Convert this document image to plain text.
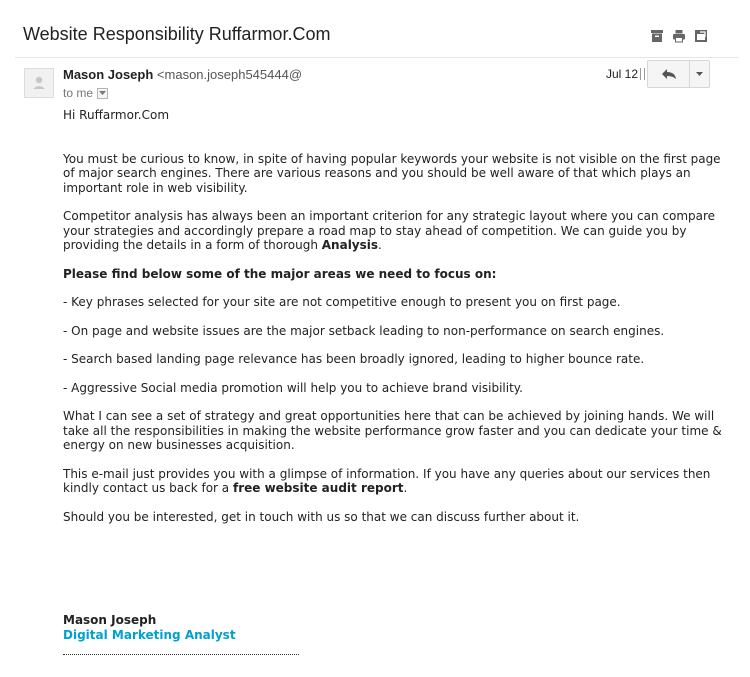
Website Responsibility Ruffarmor.Com
Mason Joseph <mason.joseph545444@
to me
Jul 12

Hi Ruffarmor.Com

You must be curious to know, in spite of having popular keywords your website is not visible on the first page of major search engines. There are various reasons and you should be well aware of that which plays an important role in web visibility.

Competitor analysis has always been an important criterion for any strategic layout where you can compare your strategies and accordingly prepare a road map to stay ahead of competition. We can guide you by providing the details in a form of thorough Analysis.

Please find below some of the major areas we need to focus on:

- Key phrases selected for your site are not competitive enough to present you on first page.

- On page and website issues are the major setback leading to non-performance on search engines.

- Search based landing page relevance has been broadly ignored, leading to higher bounce rate.

- Aggressive Social media promotion will help you to achieve brand visibility.

What I can see a set of strategy and great opportunities here that can be achieved by joining hands. We will take all the responsibilities in making the website performance grow faster and you can dedicate your time & energy on new businesses acquisition.

This e-mail just provides you with a glimpse of information. If you have any queries about our services then kindly contact us back for a free website audit report.

Should you be interested, get in touch with us so that we can discuss further about it.

Mason Joseph
Digital Marketing Analyst
